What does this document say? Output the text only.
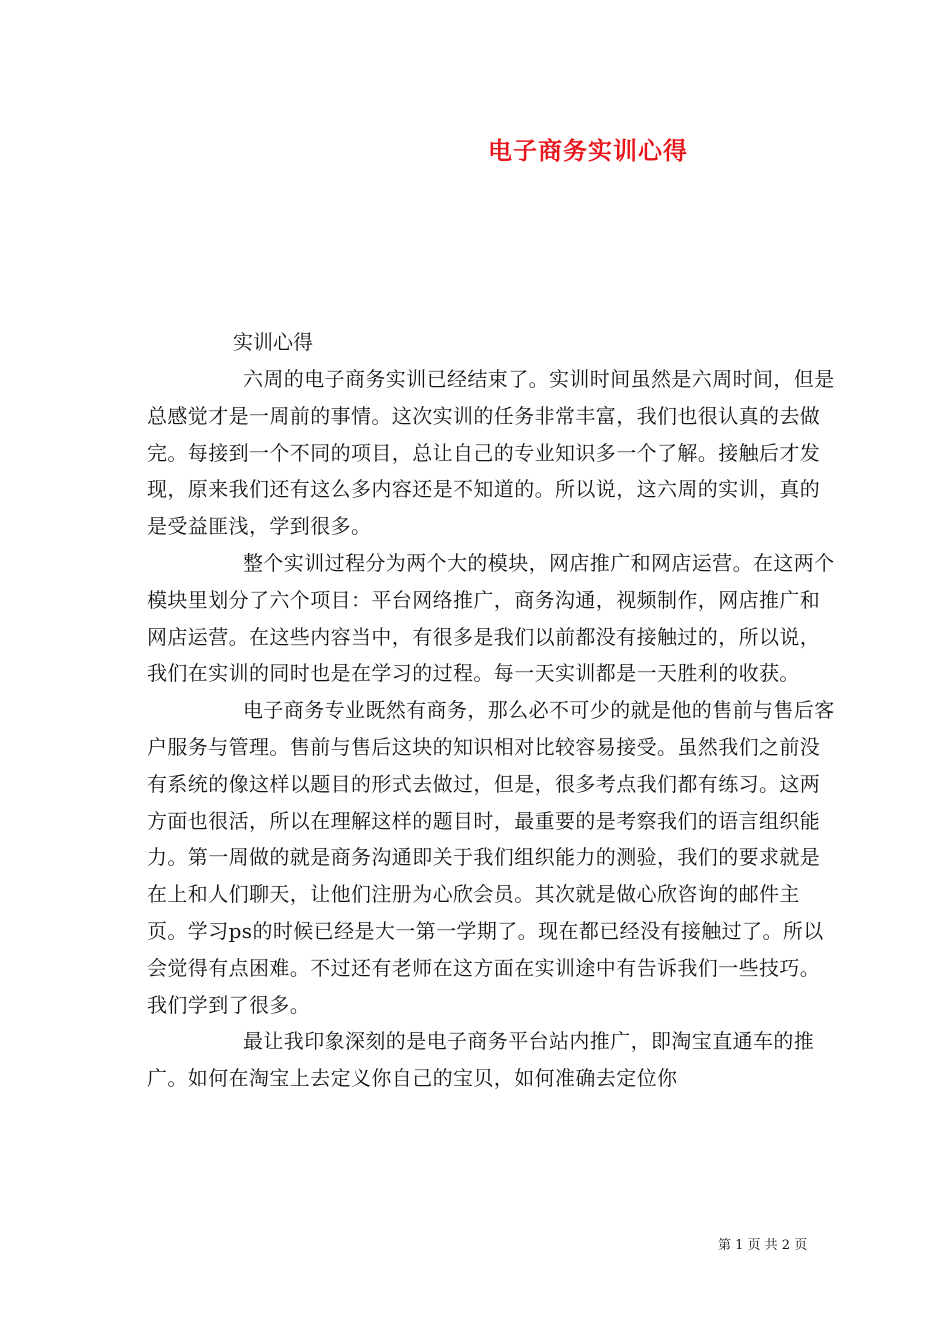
电子商务实训心得
实训心得

六周的电子商务实训已经结束了。实训时间虽然是六周时间，但是总感觉才是一周前的事情。这次实训的任务非常丰富，我们也很认真的去做完。每接到一个不同的项目，总让自己的专业知识多一个了解。接触后才发现，原来我们还有这么多内容还是不知道的。所以说，这六周的实训，真的是受益匪浅，学到很多。

整个实训过程分为两个大的模块，网店推广和网店运营。在这两个模块里划分了六个项目：平台网络推广，商务沟通，视频制作，网店推广和网店运营。在这些内容当中，有很多是我们以前都没有接触过的，所以说，我们在实训的同时也是在学习的过程。每一天实训都是一天胜利的收获。

电子商务专业既然有商务，那么必不可少的就是他的售前与售后客户服务与管理。售前与售后这块的知识相对比较容易接受。虽然我们之前没有系统的像这样以题目的形式去做过，但是，很多考点我们都有练习。这两方面也很活，所以在理解这样的题目时，最重要的是考察我们的语言组织能力。第一周做的就是商务沟通即关于我们组织能力的测验，我们的要求就是在上和人们聊天，让他们注册为心欣会员。其次就是做心欣咨询的邮件主页。学习ps的时候已经是大一第一学期了。现在都已经没有接触过了。所以会觉得有点困难。不过还有老师在这方面在实训途中有告诉我们一些技巧。我们学到了很多。

最让我印象深刻的是电子商务平台站内推广，即淘宝直通车的推广。如何在淘宝上去定义你自己的宝贝，如何准确去定位你

第 1 页 共 2 页
